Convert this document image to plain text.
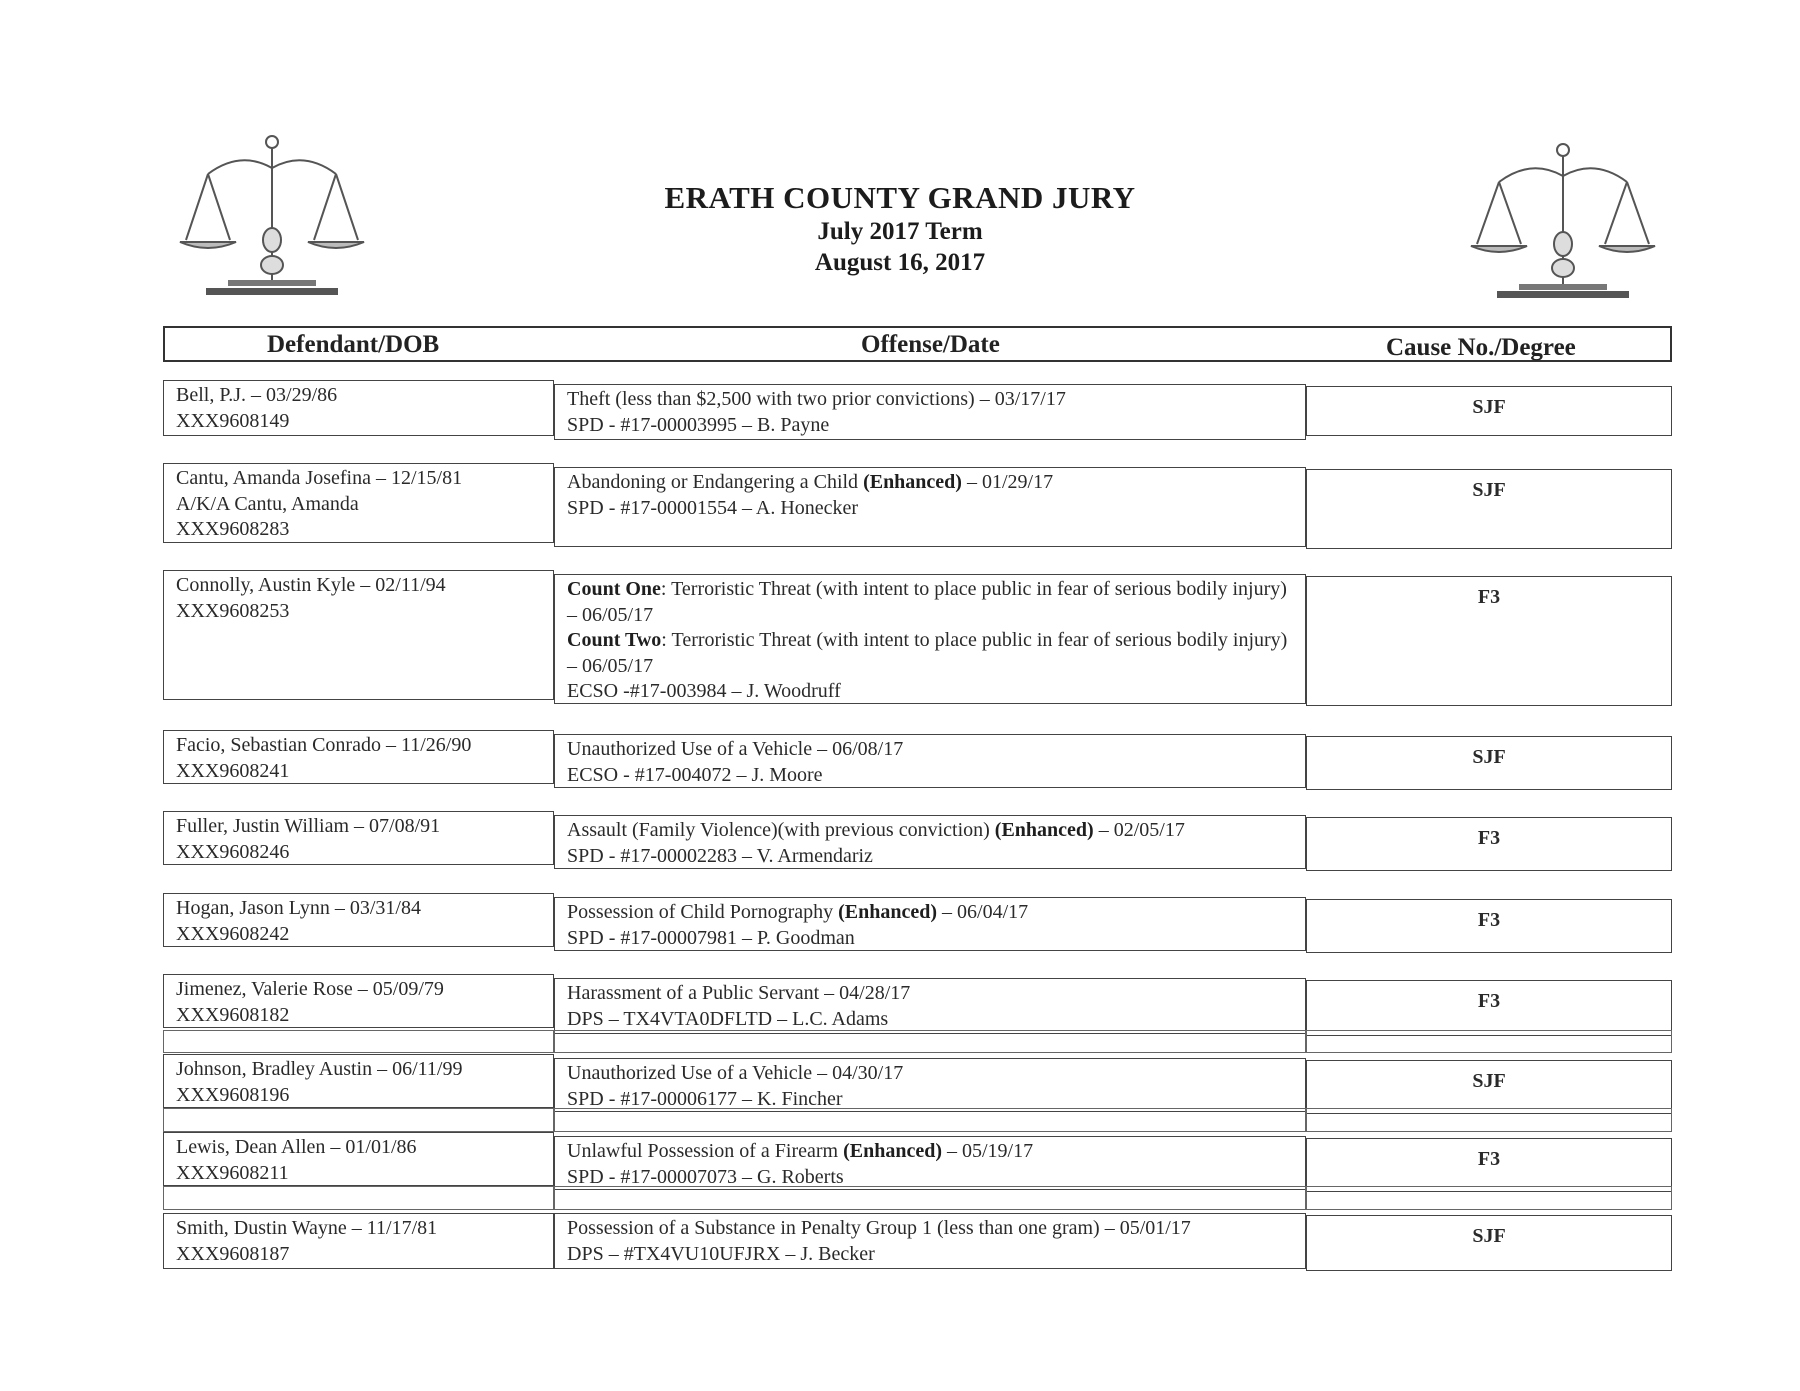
ERATH COUNTY GRAND JURY
July 2017 Term
August 16, 2017
Defendant/DOB	Offense/Date	Cause No./Degree
Bell, P.J. – 03/29/86
XXX9608149
Theft (less than $2,500 with two prior convictions) – 03/17/17
SPD - #17-00003995 – B. Payne
SJF
Cantu, Amanda Josefina – 12/15/81
A/K/A Cantu, Amanda
XXX9608283
Abandoning or Endangering a Child (Enhanced) – 01/29/17
SPD - #17-00001554 – A. Honecker
SJF
Connolly, Austin Kyle – 02/11/94
XXX9608253
Count One: Terroristic Threat (with intent to place public in fear of serious bodily injury) – 06/05/17
Count Two: Terroristic Threat (with intent to place public in fear of serious bodily injury) – 06/05/17
ECSO -#17-003984 – J. Woodruff
F3
Facio, Sebastian Conrado – 11/26/90
XXX9608241
Unauthorized Use of a Vehicle – 06/08/17
ECSO - #17-004072 – J. Moore
SJF
Fuller, Justin William – 07/08/91
XXX9608246
Assault (Family Violence)(with previous conviction) (Enhanced) – 02/05/17
SPD - #17-00002283 – V. Armendariz
F3
Hogan, Jason Lynn – 03/31/84
XXX9608242
Possession of Child Pornography (Enhanced) – 06/04/17
SPD - #17-00007981 – P. Goodman
F3
Jimenez, Valerie Rose – 05/09/79
XXX9608182
Harassment of a Public Servant – 04/28/17
DPS – TX4VTA0DFLTD – L.C. Adams
F3
Johnson, Bradley Austin – 06/11/99
XXX9608196
Unauthorized Use of a Vehicle – 04/30/17
SPD - #17-00006177 – K. Fincher
SJF
Lewis, Dean Allen – 01/01/86
XXX9608211
Unlawful Possession of a Firearm (Enhanced) – 05/19/17
SPD - #17-00007073 – G. Roberts
F3
Smith, Dustin Wayne – 11/17/81
XXX9608187
Possession of a Substance in Penalty Group 1 (less than one gram) – 05/01/17
DPS – #TX4VU10UFJRX – J. Becker
SJF
